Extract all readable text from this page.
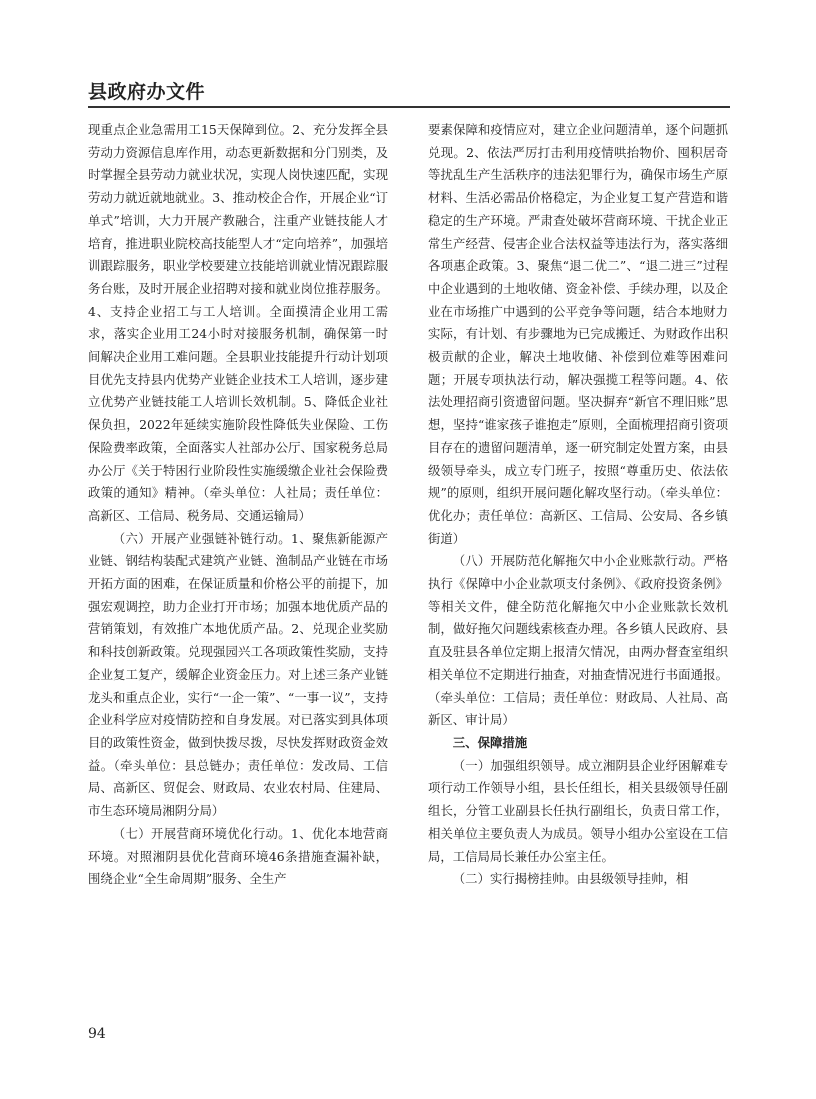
县政府办文件

现重点企业急需用工15天保障到位。2、充分发挥全县劳动力资源信息库作用，动态更新数据和分门别类，及时掌握全县劳动力就业状况，实现人岗快速匹配，实现劳动力就近就地就业。3、推动校企合作，开展企业“订单式”培训，大力开展产教融合，注重产业链技能人才培育，推进职业院校高技能型人才“定向培养”，加强培训跟踪服务，职业学校要建立技能培训就业情况跟踪服务台账，及时开展企业招聘对接和就业岗位推荐服务。4、支持企业招工与工人培训。全面摸清企业用工需求，落实企业用工24小时对接服务机制，确保第一时间解决企业用工难问题。全县职业技能提升行动计划项目优先支持县内优势产业链企业技术工人培训，逐步建立优势产业链技能工人培训长效机制。5、降低企业社保负担，2022年延续实施阶段性降低失业保险、工伤保险费率政策，全面落实人社部办公厅、国家税务总局办公厅《关于特困行业阶段性实施缓缴企业社会保险费政策的通知》精神。（牵头单位：人社局；责任单位：高新区、工信局、税务局、交通运输局）

（六）开展产业强链补链行动。1、聚焦新能源产业链、钢结构装配式建筑产业链、渔制品产业链在市场开拓方面的困难，在保证质量和价格公平的前提下，加强宏观调控，助力企业打开市场；加强本地优质产品的营销策划，有效推广本地优质产品。2、兑现企业奖励和科技创新政策。兑现强园兴工各项政策性奖励，支持企业复工复产，缓解企业资金压力。对上述三条产业链龙头和重点企业，实行“一企一策”、“一事一议”，支持企业科学应对疫情防控和自身发展。对已落实到具体项目的政策性资金，做到快拨尽拨，尽快发挥财政资金效益。（牵头单位：县总链办；责任单位：发改局、工信局、高新区、贸促会、财政局、农业农村局、住建局、市生态环境局湘阴分局）

（七）开展营商环境优化行动。1、优化本地营商环境。对照湘阴县优化营商环境46条措施查漏补缺，围绕企业“全生命周期”服务、全生产

要素保障和疫情应对，建立企业问题清单，逐个问题抓兑现。2、依法严厉打击利用疫情哄抬物价、囤积居奇等扰乱生产生活秩序的违法犯罪行为，确保市场生产原材料、生活必需品价格稳定，为企业复工复产营造和谐稳定的生产环境。严肃查处破坏营商环境、干扰企业正常生产经营、侵害企业合法权益等违法行为，落实落细各项惠企政策。3、聚焦“退二优二”、“退二进三”过程中企业遇到的土地收储、资金补偿、手续办理，以及企业在市场推广中遇到的公平竞争等问题，结合本地财力实际，有计划、有步骤地为已完成搬迁、为财政作出积极贡献的企业，解决土地收储、补偿到位难等困难问题；开展专项执法行动，解决强揽工程等问题。4、依法处理招商引资遗留问题。坚决摒弃“新官不理旧账”思想，坚持“谁家孩子谁抱走”原则，全面梳理招商引资项目存在的遗留问题清单，逐一研究制定处置方案，由县级领导牵头，成立专门班子，按照“尊重历史、依法依规”的原则，组织开展问题化解攻坚行动。（牵头单位：优化办；责任单位：高新区、工信局、公安局、各乡镇街道）

（八）开展防范化解拖欠中小企业账款行动。严格执行《保障中小企业款项支付条例》、《政府投资条例》等相关文件，健全防范化解拖欠中小企业账款长效机制，做好拖欠问题线索核查办理。各乡镇人民政府、县直及驻县各单位定期上报清欠情况，由两办督查室组织相关单位不定期进行抽查，对抽查情况进行书面通报。（牵头单位：工信局；责任单位：财政局、人社局、高新区、审计局）

三、保障措施

（一）加强组织领导。成立湘阴县企业纾困解难专项行动工作领导小组，县长任组长，相关县级领导任副组长，分管工业副县长任执行副组长，负责日常工作，相关单位主要负责人为成员。领导小组办公室设在工信局，工信局局长兼任办公室主任。

（二）实行揭榜挂帅。由县级领导挂帅，相

94
